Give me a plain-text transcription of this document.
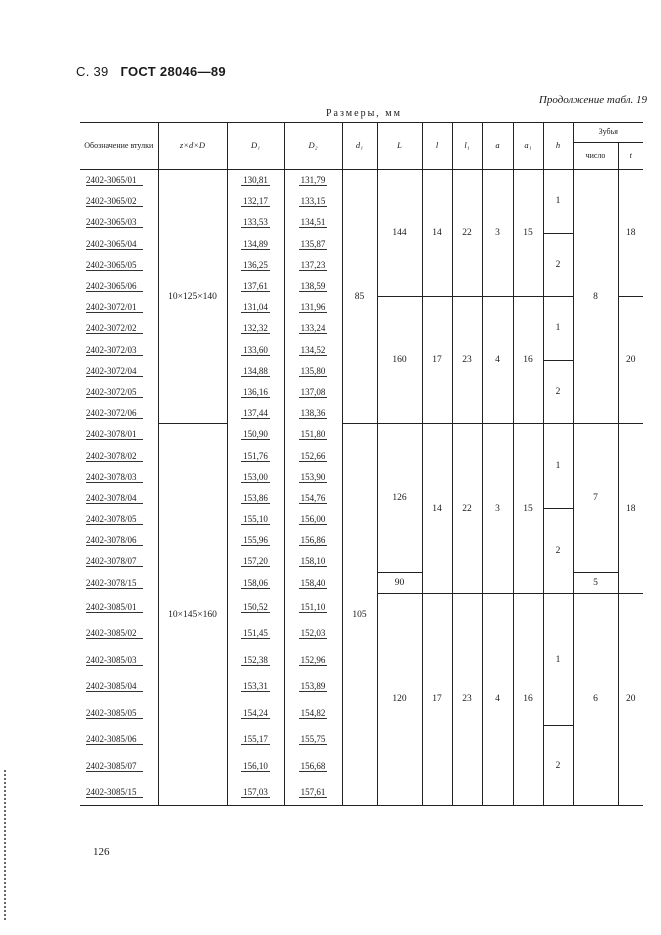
С. 39 ГОСТ 28046—89
Продолжение табл. 19
Размеры, мм
Обозначение втулки	z×d×D	D₁	D₂	d₁	L	l	l₁	a	a₁	h	Зубья	
											число	t
2402-3065/01	10×125×140	130,81	131,79	85	144	14	22	3	15	1	8	18
2402-3065/02		132,17	133,15									
2402-3065/03		133,53	134,51									
2402-3065/04		134,89	135,87							2		
2402-3065/05		136,25	137,23									
2402-3065/06		137,61	138,59									
2402-3072/01		131,04	131,96		160	17	23	4	16	1		20
2402-3072/02		132,32	133,24									
2402-3072/03		133,60	134,52									
2402-3072/04		134,88	135,80							2		
2402-3072/05		136,16	137,08									
2402-3072/06		137,44	138,36									
2402-3078/01	10×145×160	150,90	151,80	105	126	14	22	3	15	1	7	18
2402-3078/02		151,76	152,66									
2402-3078/03		153,00	153,90									
2402-3078/04		153,86	154,76									
2402-3078/05		155,10	156,00							2		
2402-3078/06		155,96	156,86									
2402-3078/07		157,20	158,10									
2402-3078/15		158,06	158,40		90						5	
2402-3085/01		150,52	151,10		120	17	23	4	16	1	6	20
2402-3085/02		151,45	152,03									
2402-3085/03		152,38	152,96									
2402-3085/04		153,31	153,89									
2402-3085/05		154,24	154,82									
2402-3085/06		155,17	155,75							2		
2402-3085/07		156,10	156,68									
2402-3085/15		157,03	157,61									
126
